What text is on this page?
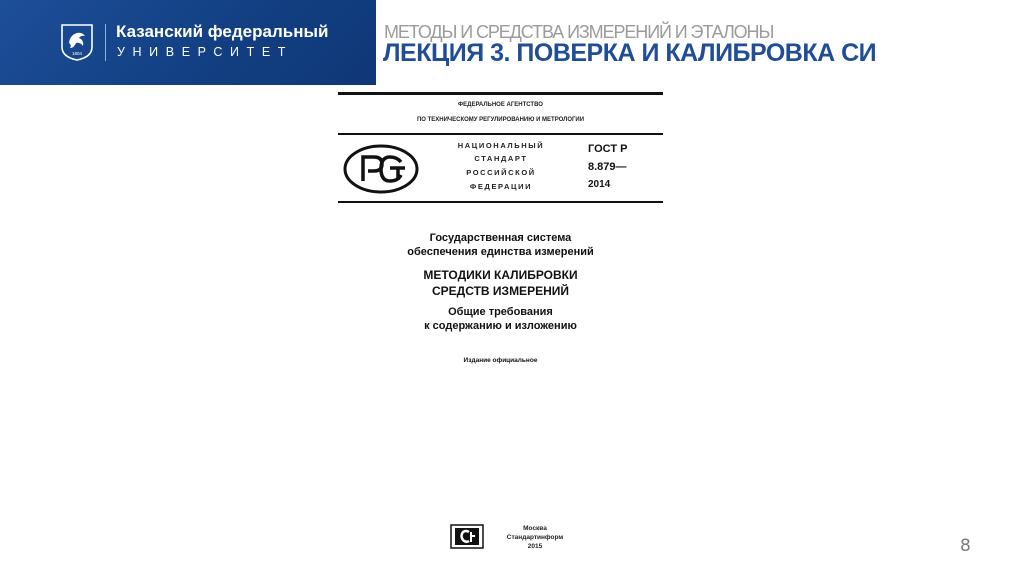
1804
Казанский федеральный
УНИВЕРСИТЕТ
МЕТОДЫ И СРЕДСТВА ИЗМЕРЕНИЙ И ЭТАЛОНЫ
ЛЕКЦИЯ 3. ПОВЕРКА И КАЛИБРОВКА СИ
ФЕДЕРАЛЬНОЕ АГЕНТСТВО
ПО ТЕХНИЧЕСКОМУ РЕГУЛИРОВАНИЮ И МЕТРОЛОГИИ
НАЦИОНАЛЬНЫЙ
СТАНДАРТ
РОССИЙСКОЙ
ФЕДЕРАЦИИ
ГОСТ Р
8.879—
2014
Государственная система
обеспечения единства измерений
МЕТОДИКИ КАЛИБРОВКИ
СРЕДСТВ ИЗМЕРЕНИЙ
Общие требования
к содержанию и изложению
Издание официальное
Москва
Стандартинформ
2015	8
